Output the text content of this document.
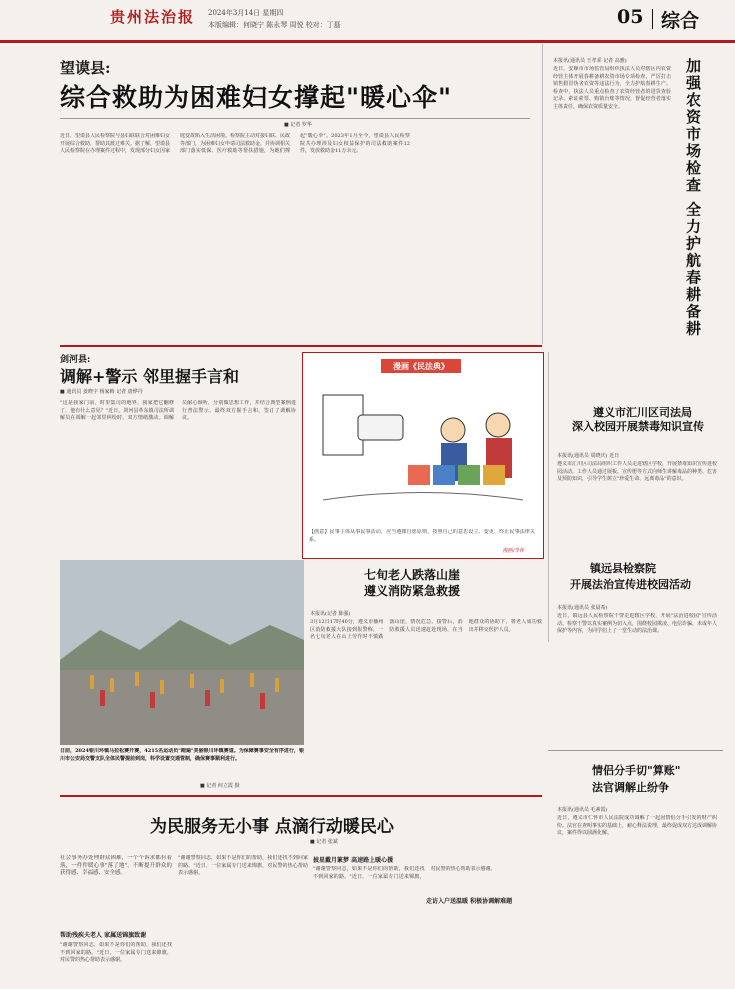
贵州法治报 2024年3月14日 星期四
本版编辑：何晓宁 陈永琴 周悦 校对：丁磊	05 综合
望谟县:
综合救助为困难妇女撑起"暖心伞"
■ 记者 罗华

近日，望谟县人民检察院与县妇联联合对困难妇女开展综合救助，帮助其渡过难关。据了解，望谟县人民检察院在办理案件过程中，发现部分妇女因家庭变故陷入生活困境。检察院主动对接妇联、民政等部门，为困难妇女申请司法救助金，并协调相关部门落实低保、医疗救助等帮扶措施，为她们撑起"暖心伞"。2023年1月至今，望谟县人民检察院共办理涉及妇女权益保护的司法救助案件12件，发放救助金11万余元。

本报讯(通讯员 王孝乖 记者 高雅)

近日，安顺市市场监管局组织执法人员对辖区内农资经营主体开展春耕备耕农资市场专项检查，严厉打击销售假冒伪劣农资等违法行为，全力护航春耕生产。检查中，执法人员重点检查了农资经营者的进货查验记录、索证索票、购销台账等情况，督促经营者落实主体责任，确保农资质量安全。	加强农资市场检查 全力护航春耕备耕
剑河县:
调解+警示 邻里握手言和
■ 通讯员 姜晓宇 杨家梅 记者 唐烨丹

"这是我家门前，时里集司的地界，我家把它翻修了，他有什么意见？"近日，剑河县革东镇司法所调解员在调解一起邻里纠纷时，双方情绪激动。调解员耐心倾听，分别做思想工作，并结合典型案例进行普法警示，最终双方握手言和，签订了调解协议。

漫画《民法典》

【画意】民事主体从事民事活动，应当遵循自愿原则，按照自己的意思设立、变更、终止民事法律关系。

漫画/李萍
遵义市汇川区司法局
深入校园开展禁毒知识宣传
本报讯(通讯员 周晓庆) 近日

遵义市汇川区司法局组织工作人员走进辖区学校，开展禁毒知识宣传进校园活动。工作人员通过展板、宣传册等方式向师生讲解毒品的种类、危害及预防知识，引导学生树立"珍爱生命、远离毒品"的意识。

日前，2024银川环镇马拉松赛开赛，4215名运动员"跑遍"美丽银川环镇赛道。为保障赛事安全有序进行，银川市公安局交警支队全体民警提前到岗，科学设置交通管制，确保赛事顺利进行。

■ 记者 何立霞 摄
七旬老人跌落山崖
遵义消防紧急救援
本报讯(记者 陈强)

3月12日17时40分，遵义市播州区消防救援大队接到报警称，一名七旬老人在山上劳作时不慎跌落山崖，情况危急。接警后，消防救援人员迅速赶赴现场，在当地群众的协助下，将老人成功救出并移交医护人员。

镇远县检察院
开展法治宣传进校园活动
本报讯(通讯员 张晨希)

近日，镇远县人民检察院干警走进辖区学校，开展"法治进校园"宣传活动。检察干警以真实案例为切入点，围绕校园欺凌、电信诈骗、未成年人保护等内容，为同学们上了一堂生动的法治课。

情侣分手切"算账"
法官调解止纷争
本报讯(通讯员 毛素霞)

近日，遵义市仁怀市人民法院成功调解了一起因情侣分手引发的财产纠纷。法官在查明事实的基础上，耐心释法说理，最终促成双方达成调解协议，案件得以圆满化解。

为民服务无小事 点滴行动暖民心
■ 记者 张斌

社会事务办处理群众困难，一个个诉求都有着落，一件件暖心事"落了地"，不断提升群众的获得感、幸福感、安全感。

帮助残疾夫老人 家属送锦旗致谢

"谢谢警察同志，如果不是你们的帮助，我们还找不到回家的路。"近日，一位家属专门送来锦旗，对民警的热心帮助表示感谢。

披星戴月篆梦 高速路上暖心援

"谢谢警察同志，如果不是你们的帮助，我们还找不到回家的路。"近日，一位家属专门送来锦旗，对民警的热心帮助表示感谢。

走访入户送温暖 积极协调解难题

"谢谢警察同志，如果不是你们的帮助，我们还找不到回家的路。"近日，一位家属专门送来锦旗，对民警的热心帮助表示感谢。
